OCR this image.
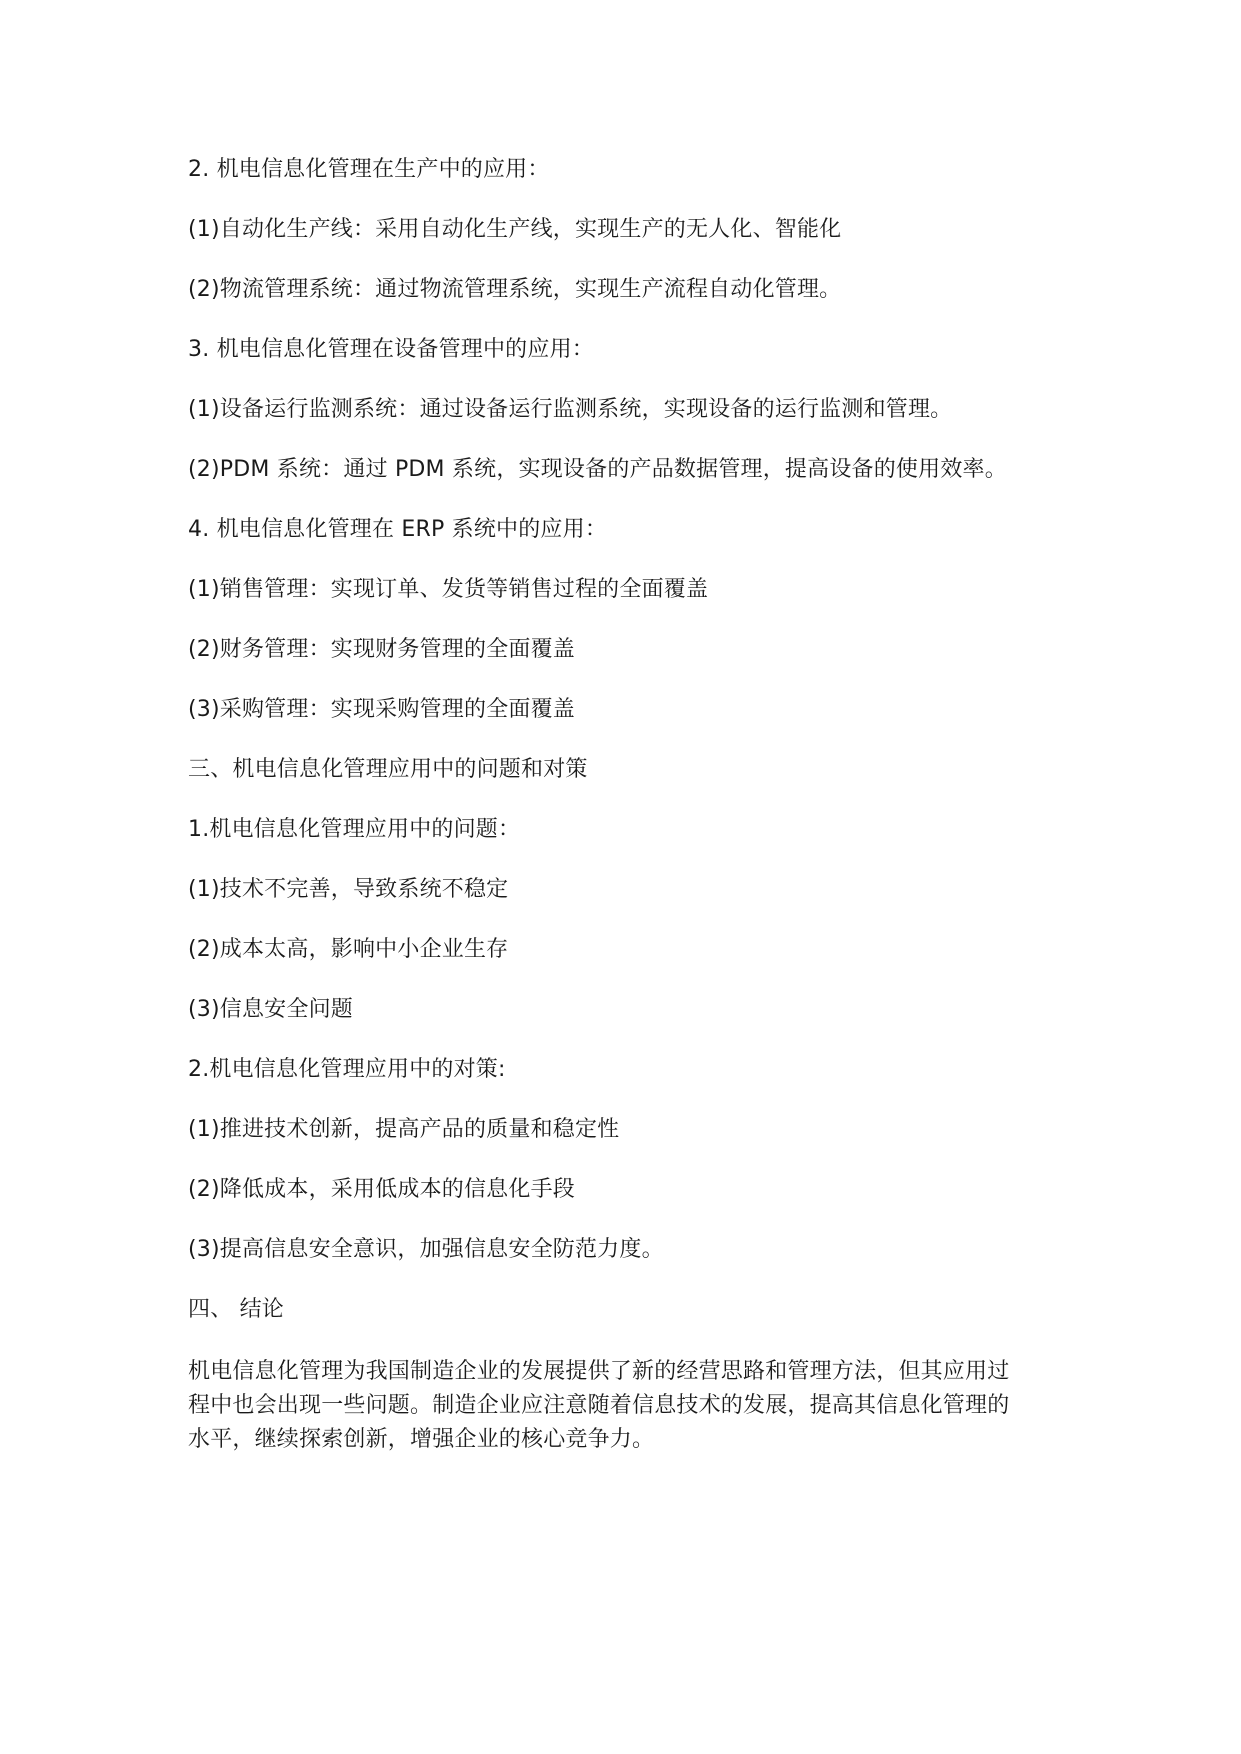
2. 机电信息化管理在生产中的应用：
(1)自动化生产线：采用自动化生产线，实现生产的无人化、智能化
(2)物流管理系统：通过物流管理系统，实现生产流程自动化管理。
3. 机电信息化管理在设备管理中的应用：
(1)设备运行监测系统：通过设备运行监测系统，实现设备的运行监测和管理。
(2)PDM 系统：通过 PDM 系统，实现设备的产品数据管理，提高设备的使用效率。
4. 机电信息化管理在 ERP 系统中的应用：
(1)销售管理：实现订单、发货等销售过程的全面覆盖
(2)财务管理：实现财务管理的全面覆盖
(3)采购管理：实现采购管理的全面覆盖
三、机电信息化管理应用中的问题和对策
1.机电信息化管理应用中的问题：
(1)技术不完善，导致系统不稳定
(2)成本太高，影响中小企业生存
(3)信息安全问题
2.机电信息化管理应用中的对策:
(1)推进技术创新，提高产品的质量和稳定性
(2)降低成本，采用低成本的信息化手段
(3)提高信息安全意识，加强信息安全防范力度。
四、 结论
机电信息化管理为我国制造企业的发展提供了新的经营思路和管理方法，但其应用过
程中也会出现一些问题。制造企业应注意随着信息技术的发展，提高其信息化管理的
水平，继续探索创新，增强企业的核心竞争力。
